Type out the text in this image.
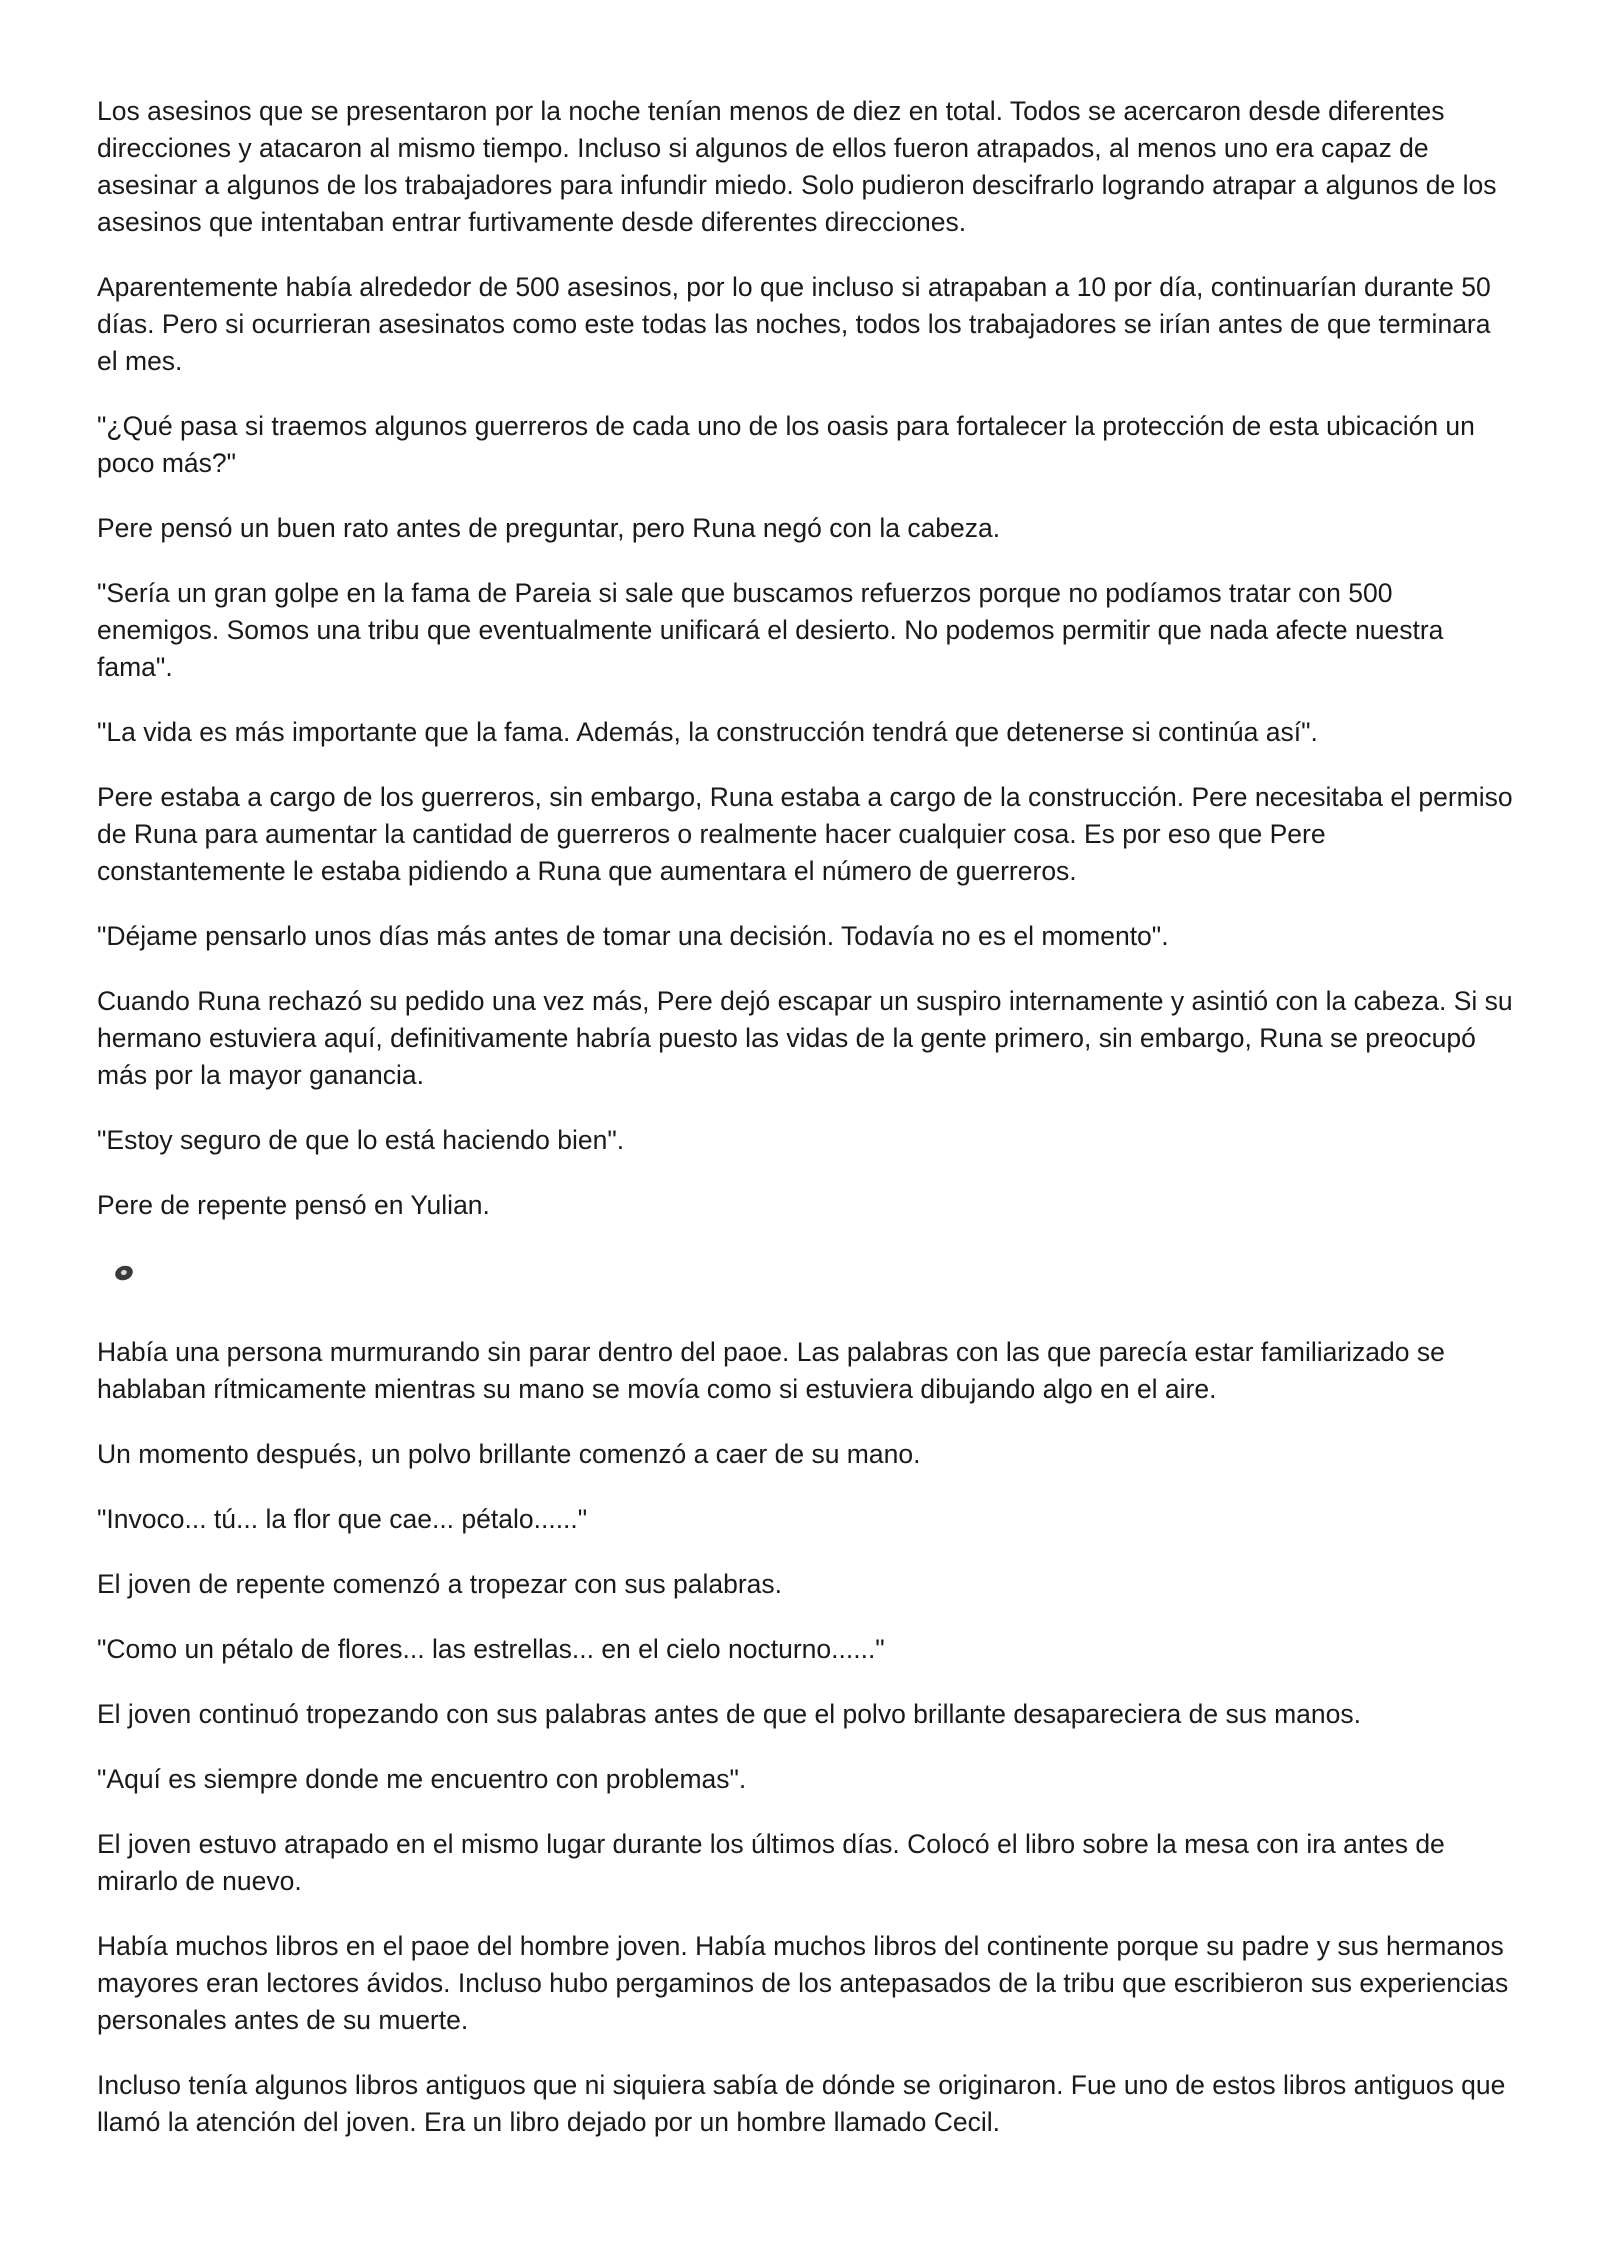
Los asesinos que se presentaron por la noche tenían menos de diez en total. Todos se acercaron desde diferentes direcciones y atacaron al mismo tiempo. Incluso si algunos de ellos fueron atrapados, al menos uno era capaz de asesinar a algunos de los trabajadores para infundir miedo. Solo pudieron descifrarlo logrando atrapar a algunos de los asesinos que intentaban entrar furtivamente desde diferentes direcciones.

Aparentemente había alrededor de 500 asesinos, por lo que incluso si atrapaban a 10 por día, continuarían durante 50 días. Pero si ocurrieran asesinatos como este todas las noches, todos los trabajadores se irían antes de que terminara el mes.

"¿Qué pasa si traemos algunos guerreros de cada uno de los oasis para fortalecer la protección de esta ubicación un poco más?"

Pere pensó un buen rato antes de preguntar, pero Runa negó con la cabeza.

"Sería un gran golpe en la fama de Pareia si sale que buscamos refuerzos porque no podíamos tratar con 500 enemigos. Somos una tribu que eventualmente unificará el desierto. No podemos permitir que nada afecte nuestra fama".

"La vida es más importante que la fama. Además, la construcción tendrá que detenerse si continúa así".

Pere estaba a cargo de los guerreros, sin embargo, Runa estaba a cargo de la construcción. Pere necesitaba el permiso de Runa para aumentar la cantidad de guerreros o realmente hacer cualquier cosa. Es por eso que Pere constantemente le estaba pidiendo a Runa que aumentara el número de guerreros.

"Déjame pensarlo unos días más antes de tomar una decisión. Todavía no es el momento".

Cuando Runa rechazó su pedido una vez más, Pere dejó escapar un suspiro internamente y asintió con la cabeza. Si su hermano estuviera aquí, definitivamente habría puesto las vidas de la gente primero, sin embargo, Runa se preocupó más por la mayor ganancia.

"Estoy seguro de que lo está haciendo bien".

Pere de repente pensó en Yulian.

Había una persona murmurando sin parar dentro del paoe. Las palabras con las que parecía estar familiarizado se hablaban rítmicamente mientras su mano se movía como si estuviera dibujando algo en el aire.

Un momento después, un polvo brillante comenzó a caer de su mano.

"Invoco... tú... la flor que cae... pétalo......"

El joven de repente comenzó a tropezar con sus palabras.

"Como un pétalo de flores... las estrellas... en el cielo nocturno......"

El joven continuó tropezando con sus palabras antes de que el polvo brillante desapareciera de sus manos.

"Aquí es siempre donde me encuentro con problemas".

El joven estuvo atrapado en el mismo lugar durante los últimos días. Colocó el libro sobre la mesa con ira antes de mirarlo de nuevo.

Había muchos libros en el paoe del hombre joven. Había muchos libros del continente porque su padre y sus hermanos mayores eran lectores ávidos. Incluso hubo pergaminos de los antepasados de la tribu que escribieron sus experiencias personales antes de su muerte.

Incluso tenía algunos libros antiguos que ni siquiera sabía de dónde se originaron. Fue uno de estos libros antiguos que llamó la atención del joven. Era un libro dejado por un hombre llamado Cecil.
